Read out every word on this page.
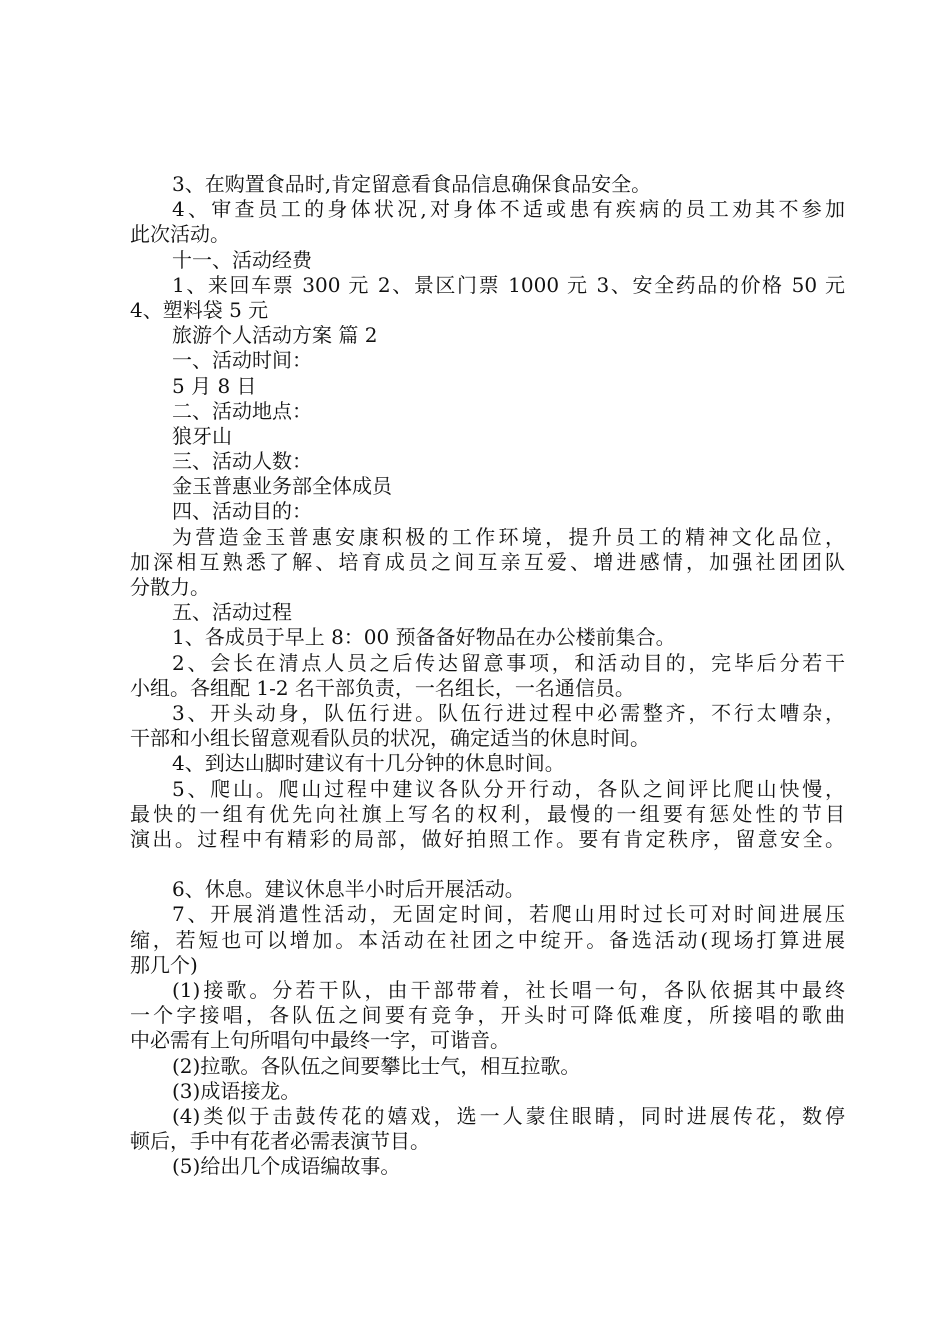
3、在购置食品时,肯定留意看食品信息确保食品安全。
4、审查员工的身体状况,对身体不适或患有疾病的员工劝其不参加
此次活动。
十一、活动经费
1、来回车票 300 元 2、景区门票 1000 元 3、安全药品的价格 50 元
4、塑料袋 5 元
旅游个人活动方案 篇 2
一、活动时间：
5 月 8 日
二、活动地点：
狼牙山
三、活动人数：
金玉普惠业务部全体成员
四、活动目的：
为营造金玉普惠安康积极的工作环境，提升员工的精神文化品位，
加深相互熟悉了解、培育成员之间互亲互爱、增进感情，加强社团团队
分散力。
五、活动过程
1、各成员于早上 8：00 预备备好物品在办公楼前集合。
2、会长在清点人员之后传达留意事项，和活动目的，完毕后分若干
小组。各组配 1-2 名干部负责，一名组长，一名通信员。
3、开头动身，队伍行进。队伍行进过程中必需整齐，不行太嘈杂，
干部和小组长留意观看队员的状况，确定适当的休息时间。
4、到达山脚时建议有十几分钟的休息时间。
5、爬山。爬山过程中建议各队分开行动，各队之间评比爬山快慢，
最快的一组有优先向社旗上写名的权利，最慢的一组要有惩处性的节目
演出。过程中有精彩的局部，做好拍照工作。要有肯定秩序，留意安全。
6、休息。建议休息半小时后开展活动。
7、开展消遣性活动，无固定时间，若爬山用时过长可对时间进展压
缩，若短也可以增加。本活动在社团之中绽开。备选活动(现场打算进展
那几个)
(1)接歌。分若干队，由干部带着，社长唱一句，各队依据其中最终
一个字接唱，各队伍之间要有竞争，开头时可降低难度，所接唱的歌曲
中必需有上句所唱句中最终一字，可谐音。
(2)拉歌。各队伍之间要攀比士气，相互拉歌。
(3)成语接龙。
(4)类似于击鼓传花的嬉戏，选一人蒙住眼睛，同时进展传花，数停
顿后，手中有花者必需表演节目。
(5)给出几个成语编故事。
